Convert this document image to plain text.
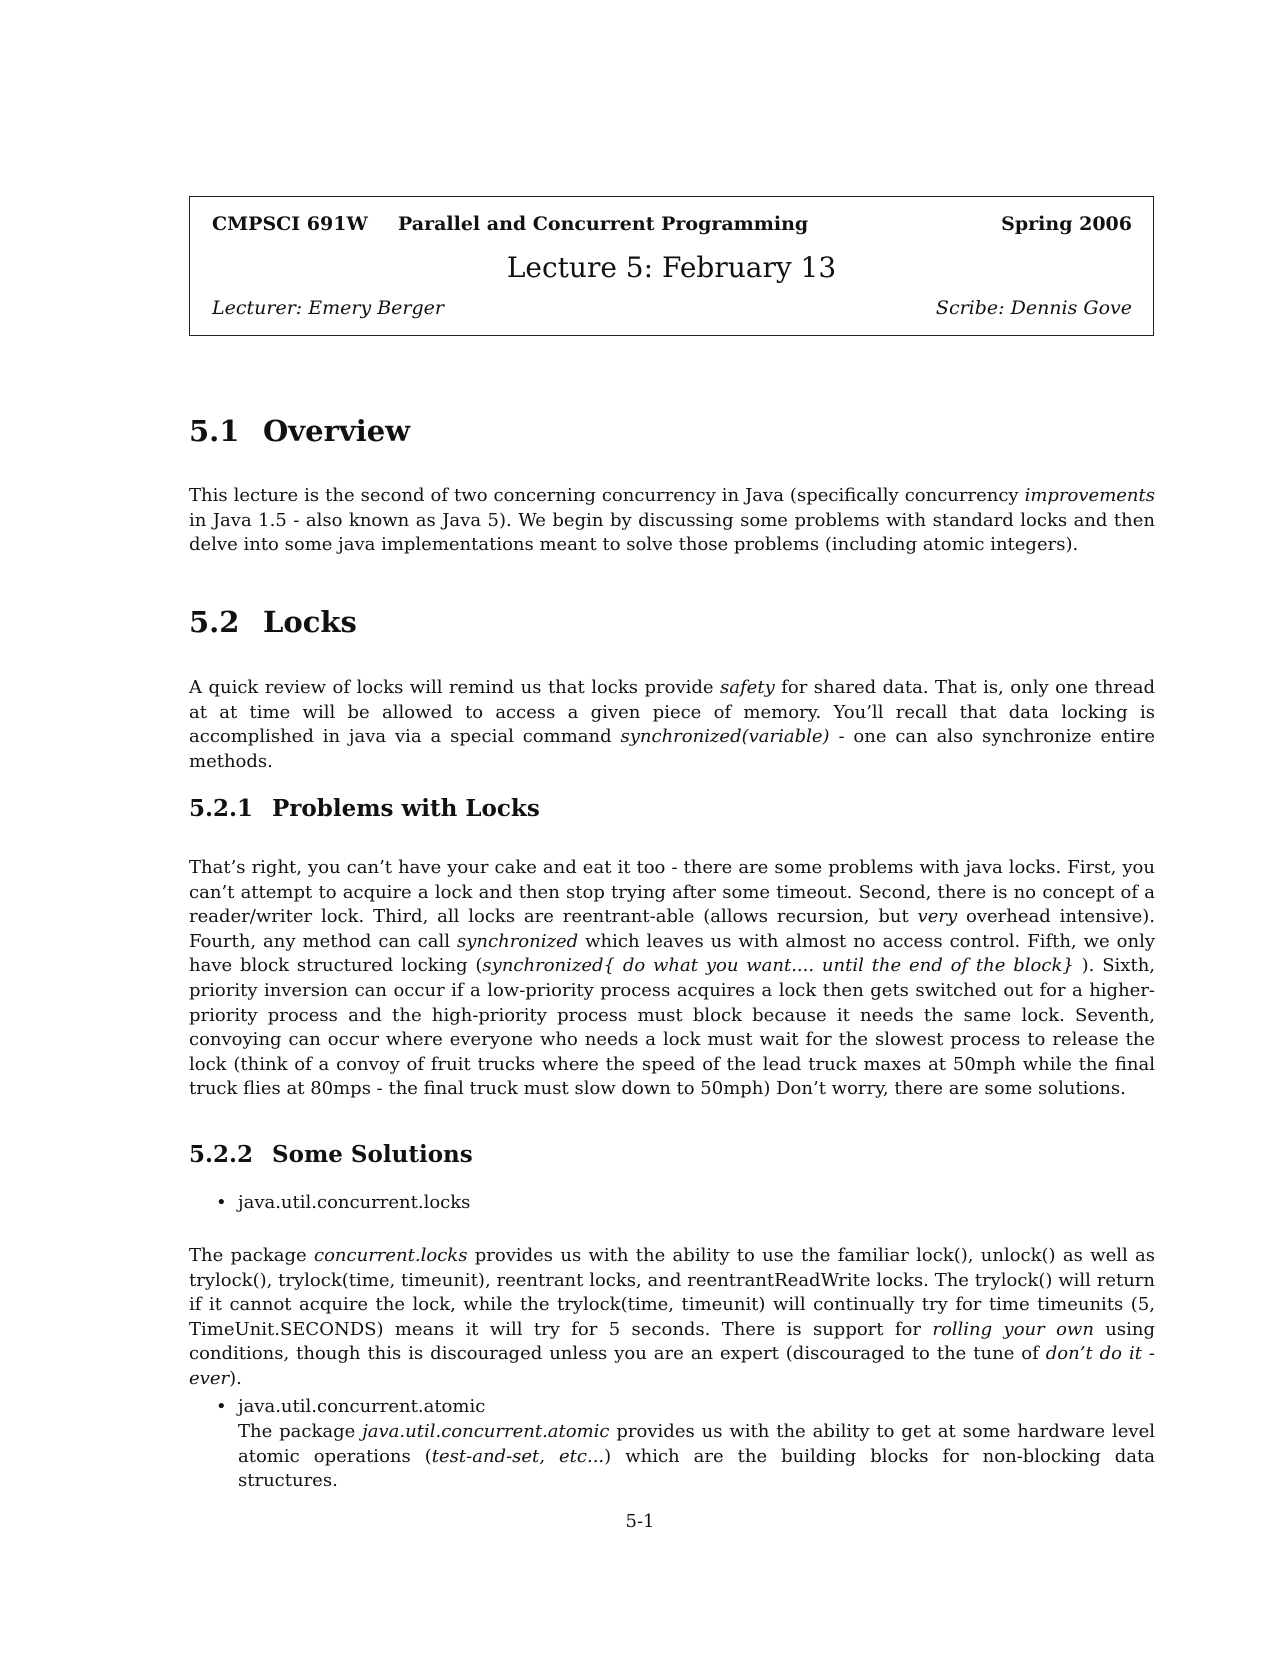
CMPSCI 691W Parallel and Concurrent Programming	Spring 2006
Lecture 5: February 13
Lecturer: Emery Berger	Scribe: Dennis Gove
5.1 Overview
This lecture is the second of two concerning concurrency in Java (specifically concurrency improvements in Java 1.5 - also known as Java 5). We begin by discussing some problems with standard locks and then delve into some java implementations meant to solve those problems (including atomic integers).
5.2 Locks
A quick review of locks will remind us that locks provide safety for shared data. That is, only one thread at at time will be allowed to access a given piece of memory. You’ll recall that data locking is accomplished in java via a special command synchronized(variable) - one can also synchronize entire methods.
5.2.1 Problems with Locks
That’s right, you can’t have your cake and eat it too - there are some problems with java locks. First, you can’t attempt to acquire a lock and then stop trying after some timeout. Second, there is no concept of a reader/writer lock. Third, all locks are reentrant-able (allows recursion, but very overhead intensive). Fourth, any method can call synchronized which leaves us with almost no access control. Fifth, we only have block structured locking (synchronized{ do what you want.... until the end of the block} ). Sixth, priority inversion can occur if a low-priority process acquires a lock then gets switched out for a higher-priority process and the high-priority process must block because it needs the same lock. Seventh, convoying can occur where everyone who needs a lock must wait for the slowest process to release the lock (think of a convoy of fruit trucks where the speed of the lead truck maxes at 50mph while the final truck flies at 80mps - the final truck must slow down to 50mph) Don’t worry, there are some solutions.
5.2.2 Some Solutions
• java.util.concurrent.locks
The package concurrent.locks provides us with the ability to use the familiar lock(), unlock() as well as trylock(), trylock(time, timeunit), reentrant locks, and reentrantReadWrite locks. The trylock() will return if it cannot acquire the lock, while the trylock(time, timeunit) will continually try for time timeunits (5, TimeUnit.SECONDS) means it will try for 5 seconds. There is support for rolling your own using conditions, though this is discouraged unless you are an expert (discouraged to the tune of don’t do it - ever).
• java.util.concurrent.atomic
The package java.util.concurrent.atomic provides us with the ability to get at some hardware level atomic operations (test-and-set, etc...) which are the building blocks for non-blocking data structures.
5-1
